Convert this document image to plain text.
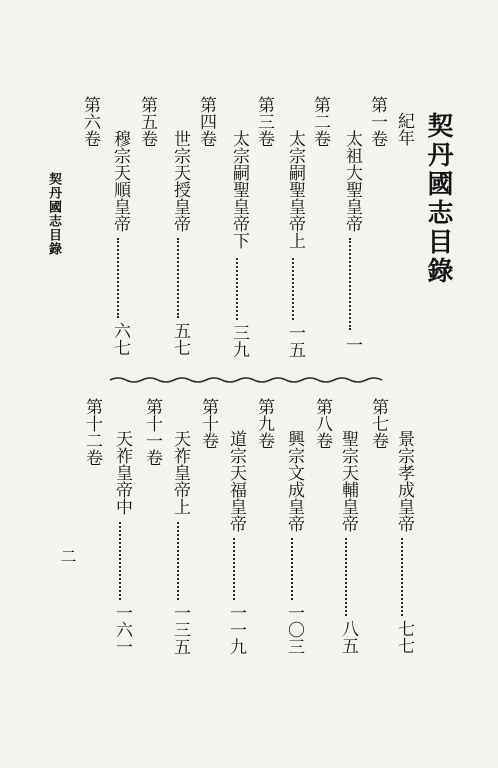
契丹國志目錄
紀年
契丹國志目錄
第一卷
太祖大聖皇帝
一
第二卷
太宗嗣聖皇帝上
一五
第三卷
太宗嗣聖皇帝下
三九
第四卷
世宗天授皇帝
五七
第五卷
穆宗天順皇帝
六七
第六卷
第七卷
景宗孝成皇帝
七七
第八卷
聖宗天輔皇帝
八五
第九卷
興宗文成皇帝
一〇三
第十卷
道宗天福皇帝
一一九
第十一卷 天祚皇帝上
一三五
第十二卷 天祚皇帝中
一六一
二
